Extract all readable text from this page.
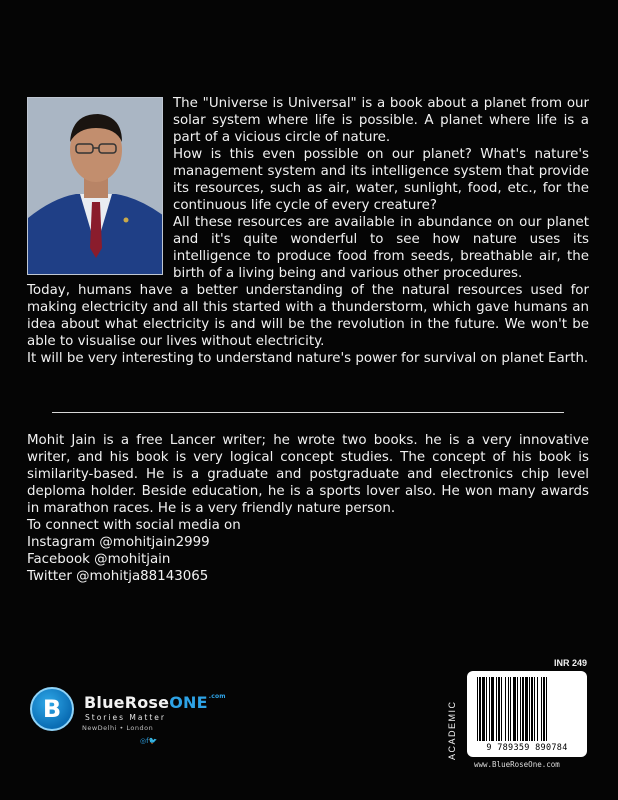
The "Universe is Universal" is a book about a planet from our solar system where life is possible. A planet where life is a part of a vicious circle of nature.

How is this even possible on our planet? What's nature's management system and its intelligence system that provide its resources, such as air, water, sunlight, food, etc., for the continuous life cycle of every creature?

All these resources are available in abundance on our planet and it's quite wonderful to see how nature uses its intelligence to produce food from seeds, breathable air, the birth of a living being and various other procedures.

Today, humans have a better understanding of the natural resources used for making electricity and all this started with a thunderstorm, which gave humans an idea about what electricity is and will be the revolution in the future. We won't be able to visualise our lives without electricity.

It will be very interesting to understand nature's power for survival on planet Earth.

Mohit Jain is a free Lancer writer; he wrote two books. he is a very innovative writer, and his book is very logical concept studies. The concept of his book is similarity-based. He is a graduate and postgraduate and electronics chip level deploma holder. Beside education, he is a sports lover also. He won many awards in marathon races. He is a very friendly nature person.

To connect with social media on

Instagram @mohitjain2999

Facebook @mohitjain

Twitter @mohitja88143065

B	BlueRoseONE$^{.com}$
Stories Matter
NewDelhi • London
◎f🐦
INR 249
ACADEMIC	9 789359 890784
www.BlueRoseOne.com
